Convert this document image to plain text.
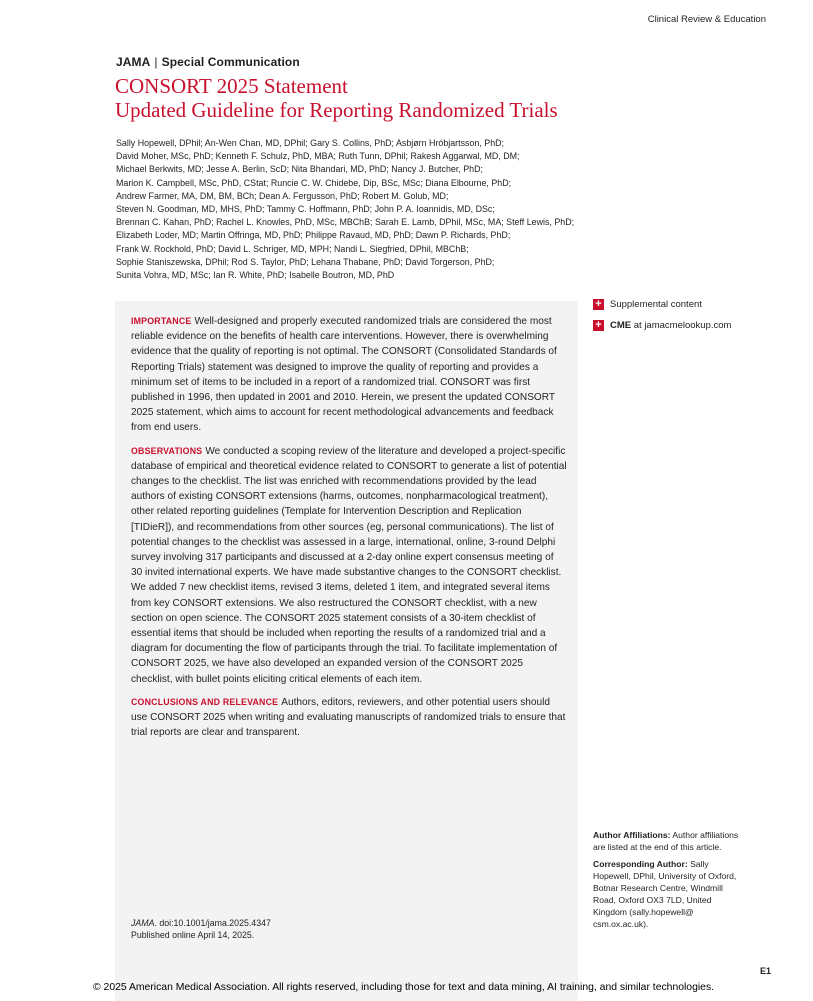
Clinical Review & Education
JAMA | Special Communication
CONSORT 2025 Statement
Updated Guideline for Reporting Randomized Trials
Sally Hopewell, DPhil; An-Wen Chan, MD, DPhil; Gary S. Collins, PhD; Asbjørn Hróbjartsson, PhD;
David Moher, MSc, PhD; Kenneth F. Schulz, PhD, MBA; Ruth Tunn, DPhil; Rakesh Aggarwal, MD, DM;
Michael Berkwits, MD; Jesse A. Berlin, ScD; Nita Bhandari, MD, PhD; Nancy J. Butcher, PhD;
Marion K. Campbell, MSc, PhD, CStat; Runcie C. W. Chidebe, Dip, BSc, MSc; Diana Elbourne, PhD;
Andrew Farmer, MA, DM, BM, BCh; Dean A. Fergusson, PhD; Robert M. Golub, MD;
Steven N. Goodman, MD, MHS, PhD; Tammy C. Hoffmann, PhD; John P. A. Ioannidis, MD, DSc;
Brennan C. Kahan, PhD; Rachel L. Knowles, PhD, MSc, MBChB; Sarah E. Lamb, DPhil, MSc, MA; Steff Lewis, PhD;
Elizabeth Loder, MD; Martin Offringa, MD, PhD; Philippe Ravaud, MD, PhD; Dawn P. Richards, PhD;
Frank W. Rockhold, PhD; David L. Schriger, MD, MPH; Nandi L. Siegfried, DPhil, MBChB;
Sophie Staniszewska, DPhil; Rod S. Taylor, PhD; Lehana Thabane, PhD; David Torgerson, PhD;
Sunita Vohra, MD, MSc; Ian R. White, PhD; Isabelle Boutron, MD, PhD

IMPORTANCE Well-designed and properly executed randomized trials are considered the most reliable evidence on the benefits of health care interventions. However, there is overwhelming evidence that the quality of reporting is not optimal. The CONSORT (Consolidated Standards of Reporting Trials) statement was designed to improve the quality of reporting and provides a minimum set of items to be included in a report of a randomized trial. CONSORT was first published in 1996, then updated in 2001 and 2010. Herein, we present the updated CONSORT 2025 statement, which aims to account for recent methodological advancements and feedback from end users.

OBSERVATIONS We conducted a scoping review of the literature and developed a project-specific database of empirical and theoretical evidence related to CONSORT to generate a list of potential changes to the checklist. The list was enriched with recommendations provided by the lead authors of existing CONSORT extensions (harms, outcomes, nonpharmacological treatment), other related reporting guidelines (Template for Intervention Description and Replication [TIDieR]), and recommendations from other sources (eg, personal communications). The list of potential changes to the checklist was assessed in a large, international, online, 3-round Delphi survey involving 317 participants and discussed at a 2-day online expert consensus meeting of 30 invited international experts. We have made substantive changes to the CONSORT checklist. We added 7 new checklist items, revised 3 items, deleted 1 item, and integrated several items from key CONSORT extensions. We also restructured the CONSORT checklist, with a new section on open science. The CONSORT 2025 statement consists of a 30-item checklist of essential items that should be included when reporting the results of a randomized trial and a diagram for documenting the flow of participants through the trial. To facilitate implementation of CONSORT 2025, we have also developed an expanded version of the CONSORT 2025 checklist, with bullet points eliciting critical elements of each item.

CONCLUSIONS AND RELEVANCE Authors, editors, reviewers, and other potential users should use CONSORT 2025 when writing and evaluating manuscripts of randomized trials to ensure that trial reports are clear and transparent.

JAMA. doi:10.1001/jama.2025.4347
Published online April 14, 2025.
+ Supplemental content
+ CME at jamacmelookup.com

Author Affiliations: Author affiliations are listed at the end of this article.

Corresponding Author: Sally Hopewell, DPhil, University of Oxford, Botnar Research Centre, Windmill Road, Oxford OX3 7LD, United Kingdom (sally.hopewell@ csm.ox.ac.uk).

E1
© 2025 American Medical Association. All rights reserved, including those for text and data mining, AI training, and similar technologies.
